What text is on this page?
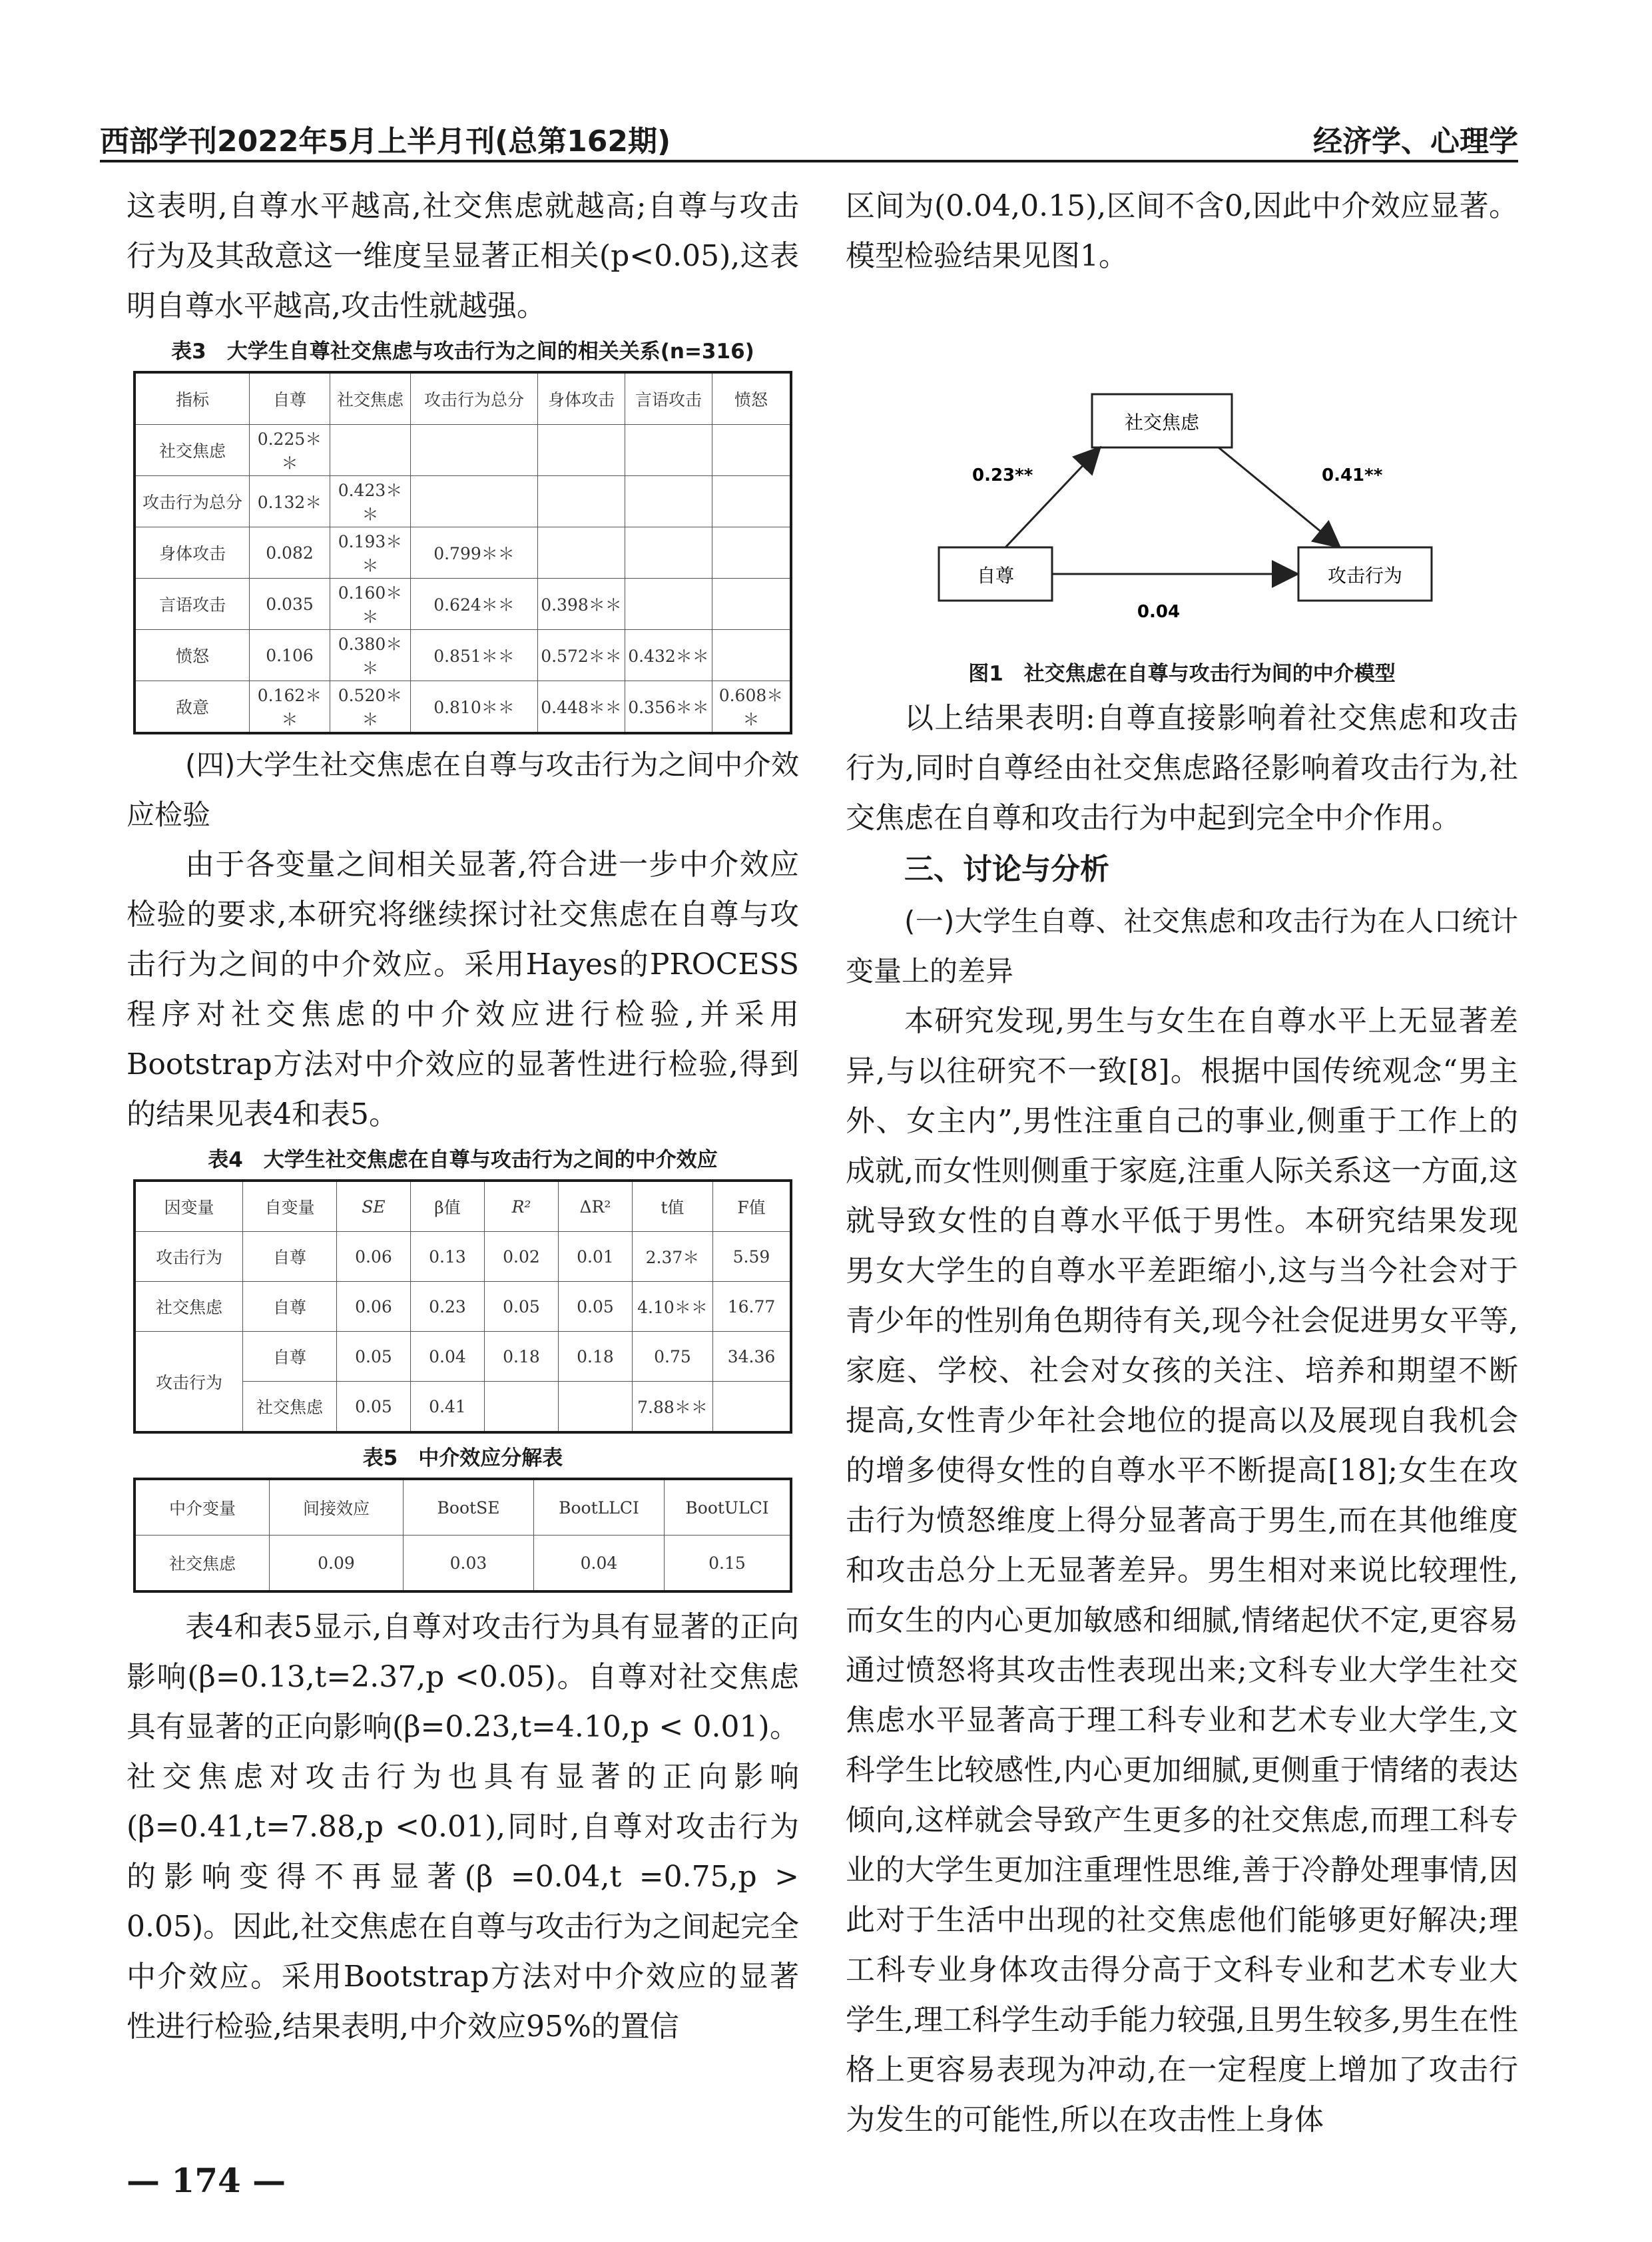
西部学刊2022年5月上半月刊(总第162期)	经济学、心理学

这表明,自尊水平越高,社交焦虑就越高;自尊与攻击行为及其敌意这一维度呈显著正相关(p<0.05),这表明自尊水平越高,攻击性就越强。

表3　大学生自尊社交焦虑与攻击行为之间的相关关系(n=316)
指标	自尊	社交焦虑	攻击行为总分	身体攻击	言语攻击	愤怒
社交焦虑	0.225＊＊					
攻击行为总分	0.132＊	0.423＊＊				
身体攻击	0.082	0.193＊＊	0.799＊＊			
言语攻击	0.035	0.160＊＊	0.624＊＊	0.398＊＊		
愤怒	0.106	0.380＊＊	0.851＊＊	0.572＊＊	0.432＊＊	
敌意	0.162＊＊	0.520＊＊	0.810＊＊	0.448＊＊	0.356＊＊	0.608＊＊

(四)大学生社交焦虑在自尊与攻击行为之间中介效应检验

由于各变量之间相关显著,符合进一步中介效应检验的要求,本研究将继续探讨社交焦虑在自尊与攻击行为之间的中介效应。采用Hayes的PROCESS程序对社交焦虑的中介效应进行检验,并采用Bootstrap方法对中介效应的显著性进行检验,得到的结果见表4和表5。

表4　大学生社交焦虑在自尊与攻击行为之间的中介效应
因变量	自变量	SE	β值	R²	ΔR²	t值	F值
攻击行为	自尊	0.06	0.13	0.02	0.01	2.37＊	5.59
社交焦虑	自尊	0.06	0.23	0.05	0.05	4.10＊＊	16.77
攻击行为	自尊	0.05	0.04	0.18	0.18	0.75	34.36
	社交焦虑	0.05	0.41			7.88＊＊	
表5　中介效应分解表
中介变量	间接效应	BootSE	BootLLCI	BootULCI
社交焦虑	0.09	0.03	0.04	0.15

表4和表5显示,自尊对攻击行为具有显著的正向影响(β=0.13,t=2.37,p <0.05)。自尊对社交焦虑具有显著的正向影响(β=0.23,t=4.10,p < 0.01)。社交焦虑对攻击行为也具有显著的正向影响(β=0.41,t=7.88,p <0.01),同时,自尊对攻击行为的影响变得不再显著(β =0.04,t =0.75,p > 0.05)。因此,社交焦虑在自尊与攻击行为之间起完全中介效应。采用Bootstrap方法对中介效应的显著性进行检验,结果表明,中介效应95%的置信

区间为(0.04,0.15),区间不含0,因此中介效应显著。模型检验结果见图1。

社交焦虑
自尊	攻击行为
0.23**	0.41**
0.04
图1　社交焦虑在自尊与攻击行为间的中介模型

以上结果表明:自尊直接影响着社交焦虑和攻击行为,同时自尊经由社交焦虑路径影响着攻击行为,社交焦虑在自尊和攻击行为中起到完全中介作用。

三、讨论与分析

(一)大学生自尊、社交焦虑和攻击行为在人口统计变量上的差异

本研究发现,男生与女生在自尊水平上无显著差异,与以往研究不一致[8]。根据中国传统观念“男主外、女主内”,男性注重自己的事业,侧重于工作上的成就,而女性则侧重于家庭,注重人际关系这一方面,这就导致女性的自尊水平低于男性。本研究结果发现男女大学生的自尊水平差距缩小,这与当今社会对于青少年的性别角色期待有关,现今社会促进男女平等,家庭、学校、社会对女孩的关注、培养和期望不断提高,女性青少年社会地位的提高以及展现自我机会的增多使得女性的自尊水平不断提高[18];女生在攻击行为愤怒维度上得分显著高于男生,而在其他维度和攻击总分上无显著差异。男生相对来说比较理性,而女生的内心更加敏感和细腻,情绪起伏不定,更容易通过愤怒将其攻击性表现出来;文科专业大学生社交焦虑水平显著高于理工科专业和艺术专业大学生,文科学生比较感性,内心更加细腻,更侧重于情绪的表达倾向,这样就会导致产生更多的社交焦虑,而理工科专业的大学生更加注重理性思维,善于冷静处理事情,因此对于生活中出现的社交焦虑他们能够更好解决;理工科专业身体攻击得分高于文科专业和艺术专业大学生,理工科学生动手能力较强,且男生较多,男生在性格上更容易表现为冲动,在一定程度上增加了攻击行为发生的可能性,所以在攻击性上身体

— 174 —
